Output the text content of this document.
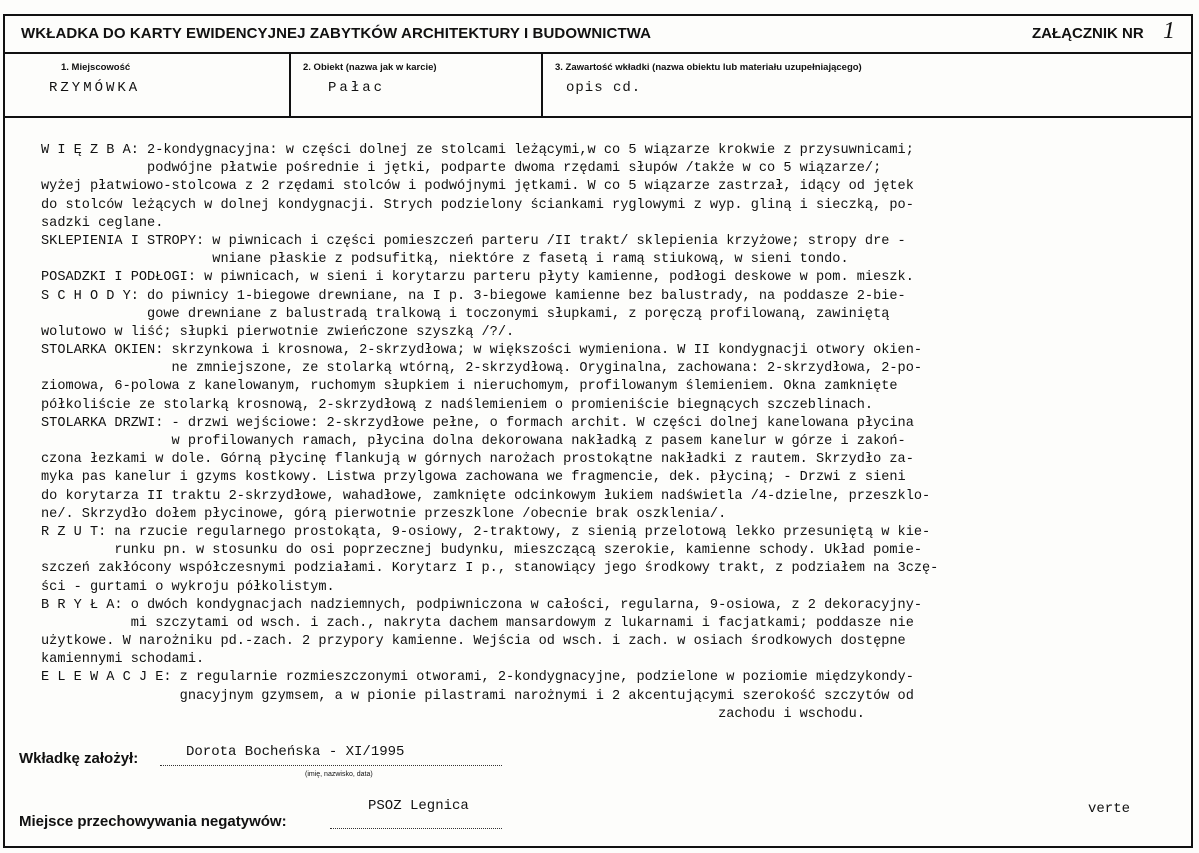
WKŁADKA DO KARTY EWIDENCYJNEJ ZABYTKÓW ARCHITEKTURY I BUDOWNICTWA	ZAŁĄCZNIK NR 1
1. Miejscowość
RZYMÓWKA
2. Obiekt (nazwa jak w karcie)
Pałac
3. Zawartość wkładki (nazwa obiektu lub materiału uzupełniającego)
opis cd.
W I Ę Z B A: 2-kondygnacyjna: w części dolnej ze stolcami leżącymi,w co 5 wiązarze krokwie z przysuwnicami;
podwójne płatwie pośrednie i jętki, podparte dwoma rzędami słupów /także w co 5 wiązarze/;
wyżej płatwiowo-stolcowa z 2 rzędami stolców i podwójnymi jętkami. W co 5 wiązarze zastrzał, idący od jętek
do stolców leżących w dolnej kondygnacji. Strych podzielony ściankami ryglowymi z wyp. gliną i sieczką, po-
sadzki ceglane.
SKLEPIENIA I STROPY: w piwnicach i części pomieszczeń parteru /II trakt/ sklepienia krzyżowe; stropy dre -
wniane płaskie z podsufitką, niektóre z fasetą i ramą stiukową, w sieni tondo.
POSADZKI I PODŁOGI: w piwnicach, w sieni i korytarzu parteru płyty kamienne, podłogi deskowe w pom. mieszk.
S C H O D Y: do piwnicy 1-biegowe drewniane, na I p. 3-biegowe kamienne bez balustrady, na poddasze 2-bie-
gowe drewniane z balustradą tralkową i toczonymi słupkami, z poręczą profilowaną, zawiniętą
wolutowo w liść; słupki pierwotnie zwieńczone szyszką /?/.
STOLARKA OKIEN: skrzynkowa i krosnowa, 2-skrzydłowa; w większości wymieniona. W II kondygnacji otwory okien-
ne zmniejszone, ze stolarką wtórną, 2-skrzydłową. Oryginalna, zachowana: 2-skrzydłowa, 2-po-
ziomowa, 6-polowa z kanelowanym, ruchomym słupkiem i nieruchomym, profilowanym ślemieniem. Okna zamknięte
półkoliście ze stolarką krosnową, 2-skrzydłową z nadślemieniem o promieniście biegnących szczeblinach.
STOLARKA DRZWI: - drzwi wejściowe: 2-skrzydłowe pełne, o formach archit. W części dolnej kanelowana płycina
w profilowanych ramach, płycina dolna dekorowana nakładką z pasem kanelur w górze i zakoń-
czona łezkami w dole. Górną płycinę flankują w górnych narożach prostokątne nakładki z rautem. Skrzydło za-
myka pas kanelur i gzyms kostkowy. Listwa przylgowa zachowana we fragmencie, dek. płyciną; - Drzwi z sieni
do korytarza II traktu 2-skrzydłowe, wahadłowe, zamknięte odcinkowym łukiem nadświetla /4-dzielne, przeszklo-
ne/. Skrzydło dołem płycinowe, górą pierwotnie przeszklone /obecnie brak oszklenia/.
R Z U T: na rzucie regularnego prostokąta, 9-osiowy, 2-traktowy, z sienią przelotową lekko przesuniętą w kie-
runku pn. w stosunku do osi poprzecznej budynku, mieszczącą szerokie, kamienne schody. Układ pomie-
szczeń zakłócony współczesnymi podziałami. Korytarz I p., stanowiący jego środkowy trakt, z podziałem na 3czę-
ści - gurtami o wykroju półkolistym.
B R Y Ł A: o dwóch kondygnacjach nadziemnych, podpiwniczona w całości, regularna, 9-osiowa, z 2 dekoracyjny-
mi szczytami od wsch. i zach., nakryta dachem mansardowym z lukarnami i facjatkami; poddasze nie
użytkowe. W narożniku pd.-zach. 2 przypory kamienne. Wejścia od wsch. i zach. w osiach środkowych dostępne
kamiennymi schodami.
E L E W A C J E: z regularnie rozmieszczonymi otworami, 2-kondygnacyjne, podzielone w poziomie międzykondy-
gnacyjnym gzymsem, a w pionie pilastrami narożnymi i 2 akcentującymi szerokość szczytów od
zachodu i wschodu.
Wkładkę założył:	Dorota Bocheńska - XI/1995
(imię, nazwisko, data)
PSOZ Legnica
Miejsce przechowywania negatywów:
verte
